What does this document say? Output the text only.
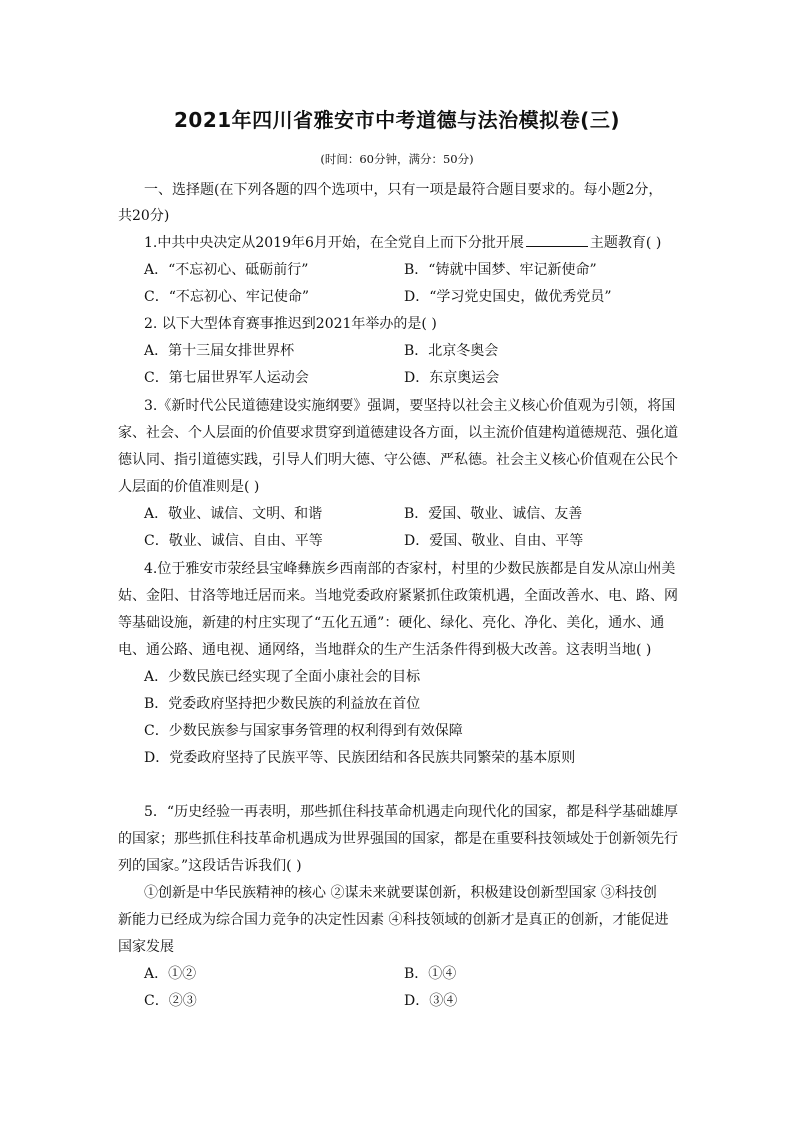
2021年四川省雅安市中考道德与法治模拟卷(三)
(时间：60分钟，满分：50分)
一、选择题(在下列各题的四个选项中，只有一项是最符合题目要求的。每小题2分，
共20分)
1.中共中央决定从2019年6月开始，在全党自上而下分批开展	主题教育( )
A．“不忘初心、砥砺前行”	B．“铸就中国梦、牢记新使命”
C．“不忘初心、牢记使命”	D．“学习党史国史，做优秀党员”
2. 以下大型体育赛事推迟到2021年举办的是( )
A．第十三届女排世界杯	B．北京冬奥会
C．第七届世界军人运动会	D．东京奥运会
3.《新时代公民道德建设实施纲要》强调，要坚持以社会主义核心价值观为引领，将国
家、社会、个人层面的价值要求贯穿到道德建设各方面，以主流价值建构道德规范、强化道
德认同、指引道德实践，引导人们明大德、守公德、严私德。社会主义核心价值观在公民个
人层面的价值准则是( )
A．敬业、诚信、文明、和谐	B．爱国、敬业、诚信、友善
C．敬业、诚信、自由、平等	D．爱国、敬业、自由、平等
4.位于雅安市荥经县宝峰彝族乡西南部的杏家村，村里的少数民族都是自发从凉山州美
姑、金阳、甘洛等地迁居而来。当地党委政府紧紧抓住政策机遇，全面改善水、电、路、网
等基础设施，新建的村庄实现了“五化五通”：硬化、绿化、亮化、净化、美化，通水、通
电、通公路、通电视、通网络，当地群众的生产生活条件得到极大改善。这表明当地( )
A．少数民族已经实现了全面小康社会的目标
B．党委政府坚持把少数民族的利益放在首位
C．少数民族参与国家事务管理的权利得到有效保障
D．党委政府坚持了民族平等、民族团结和各民族共同繁荣的基本原则
5．“历史经验一再表明，那些抓住科技革命机遇走向现代化的国家，都是科学基础雄厚
的国家；那些抓住科技革命机遇成为世界强国的国家，都是在重要科技领域处于创新领先行
列的国家。”这段话告诉我们( )
①创新是中华民族精神的核心 ②谋未来就要谋创新，积极建设创新型国家 ③科技创
新能力已经成为综合国力竞争的决定性因素 ④科技领域的创新才是真正的创新，才能促进
国家发展
A．①②	B．①④
C．②③	D．③④
